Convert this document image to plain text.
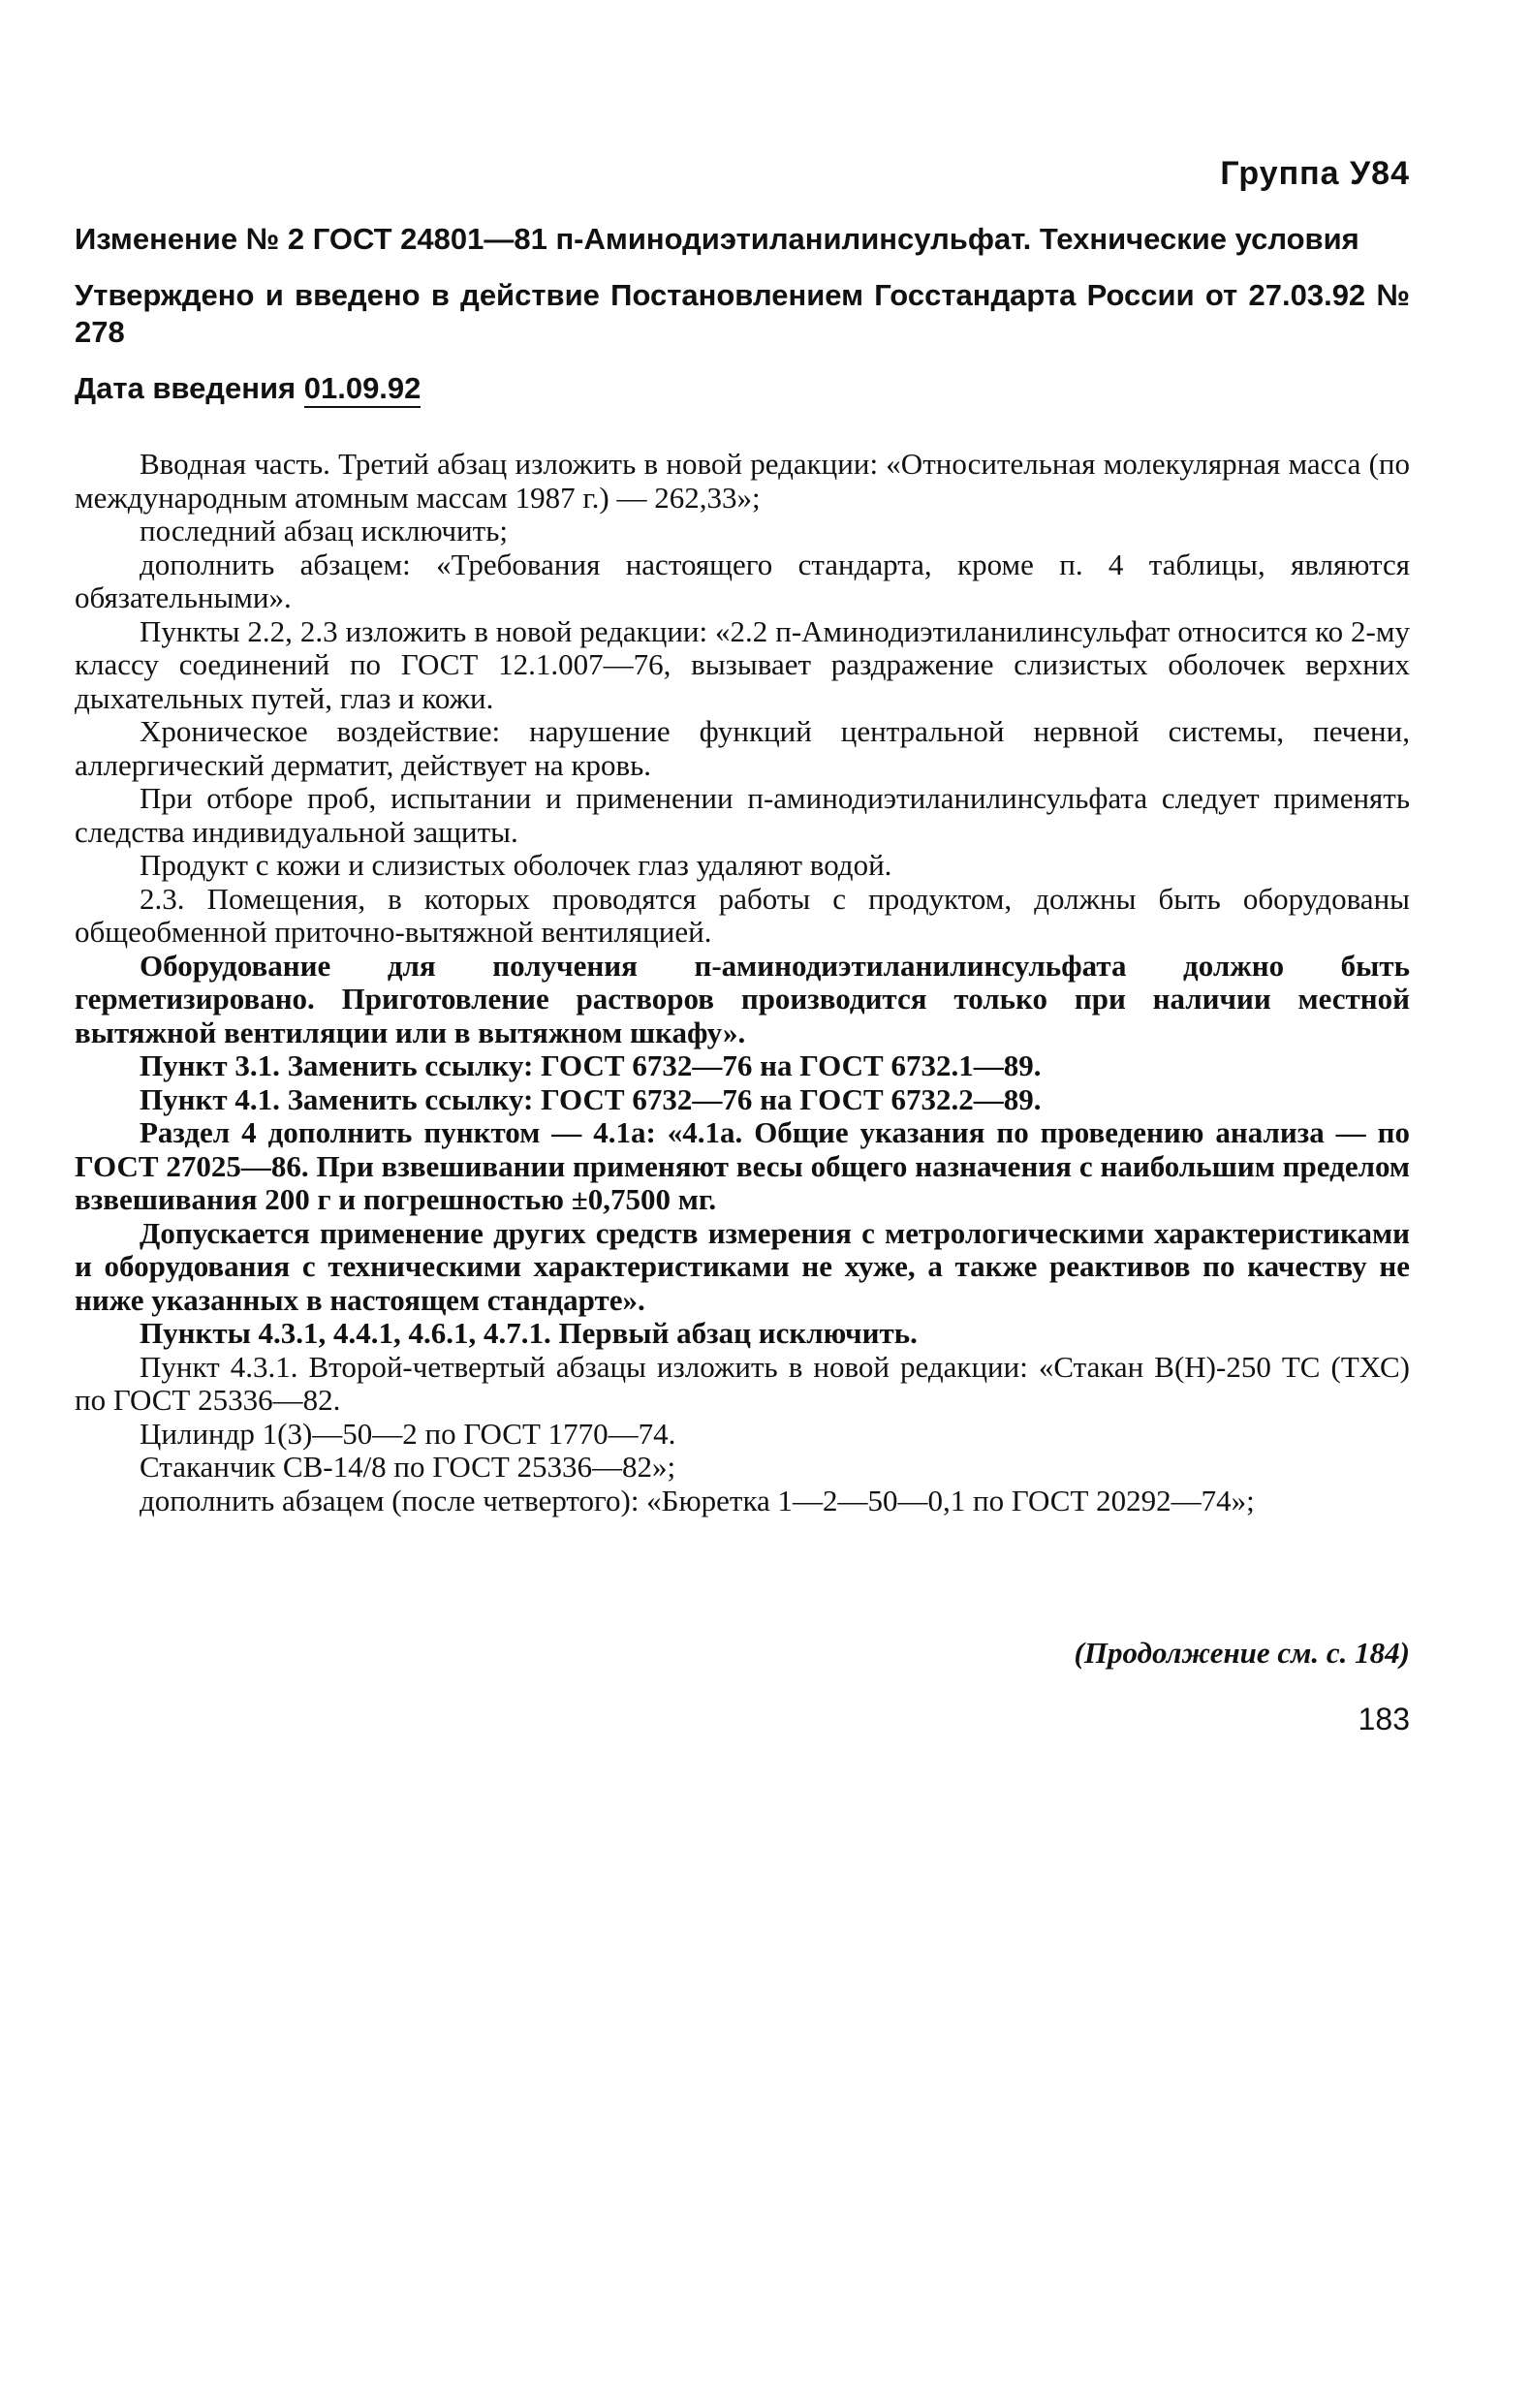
Группа У84

Изменение № 2 ГОСТ 24801—81 п-Аминодиэтиланилинсульфат. Технические условия

Утверждено и введено в действие Постановлением Госстандарта России от 27.03.92 № 278

Дата введения 01.09.92

Вводная часть. Третий абзац изложить в новой редакции: «Относительная молекулярная масса (по международным атомным массам 1987 г.) — 262,33»;

последний абзац исключить;

дополнить абзацем: «Требования настоящего стандарта, кроме п. 4 таблицы, являются обязательными».

Пункты 2.2, 2.3 изложить в новой редакции: «2.2 п-Аминодиэтиланилинсульфат относится ко 2-му классу соединений по ГОСТ 12.1.007—76, вызывает раздражение слизистых оболочек верхних дыхательных путей, глаз и кожи.

Хроническое воздействие: нарушение функций центральной нервной системы, печени, аллергический дерматит, действует на кровь.

При отборе проб, испытании и применении п-аминодиэтиланилинсульфата следует применять следства индивидуальной защиты.

Продукт с кожи и слизистых оболочек глаз удаляют водой.

2.3. Помещения, в которых проводятся работы с продуктом, должны быть оборудованы общеобменной приточно-вытяжной вентиляцией.

Оборудование для получения п-аминодиэтиланилинсульфата должно быть герметизировано. Приготовление растворов производится только при наличии местной вытяжной вентиляции или в вытяжном шкафу».

Пункт 3.1. Заменить ссылку: ГОСТ 6732—76 на ГОСТ 6732.1—89.

Пункт 4.1. Заменить ссылку: ГОСТ 6732—76 на ГОСТ 6732.2—89.

Раздел 4 дополнить пунктом — 4.1а: «4.1а. Общие указания по проведению анализа — по ГОСТ 27025—86. При взвешивании применяют весы общего назначения с наибольшим пределом взвешивания 200 г и погрешностью ±0,7500 мг.

Допускается применение других средств измерения с метрологическими характеристиками и оборудования с техническими характеристиками не хуже, а также реактивов по качеству не ниже указанных в настоящем стандарте».

Пункты 4.3.1, 4.4.1, 4.6.1, 4.7.1. Первый абзац исключить.

Пункт 4.3.1. Второй-четвертый абзацы изложить в новой редакции: «Стакан В(Н)-250 ТС (ТХС) по ГОСТ 25336—82.

Цилиндр 1(3)—50—2 по ГОСТ 1770—74.

Стаканчик СВ-14/8 по ГОСТ 25336—82»;

дополнить абзацем (после четвертого): «Бюретка 1—2—50—0,1 по ГОСТ 20292—74»;

(Продолжение см. с. 184)
183
